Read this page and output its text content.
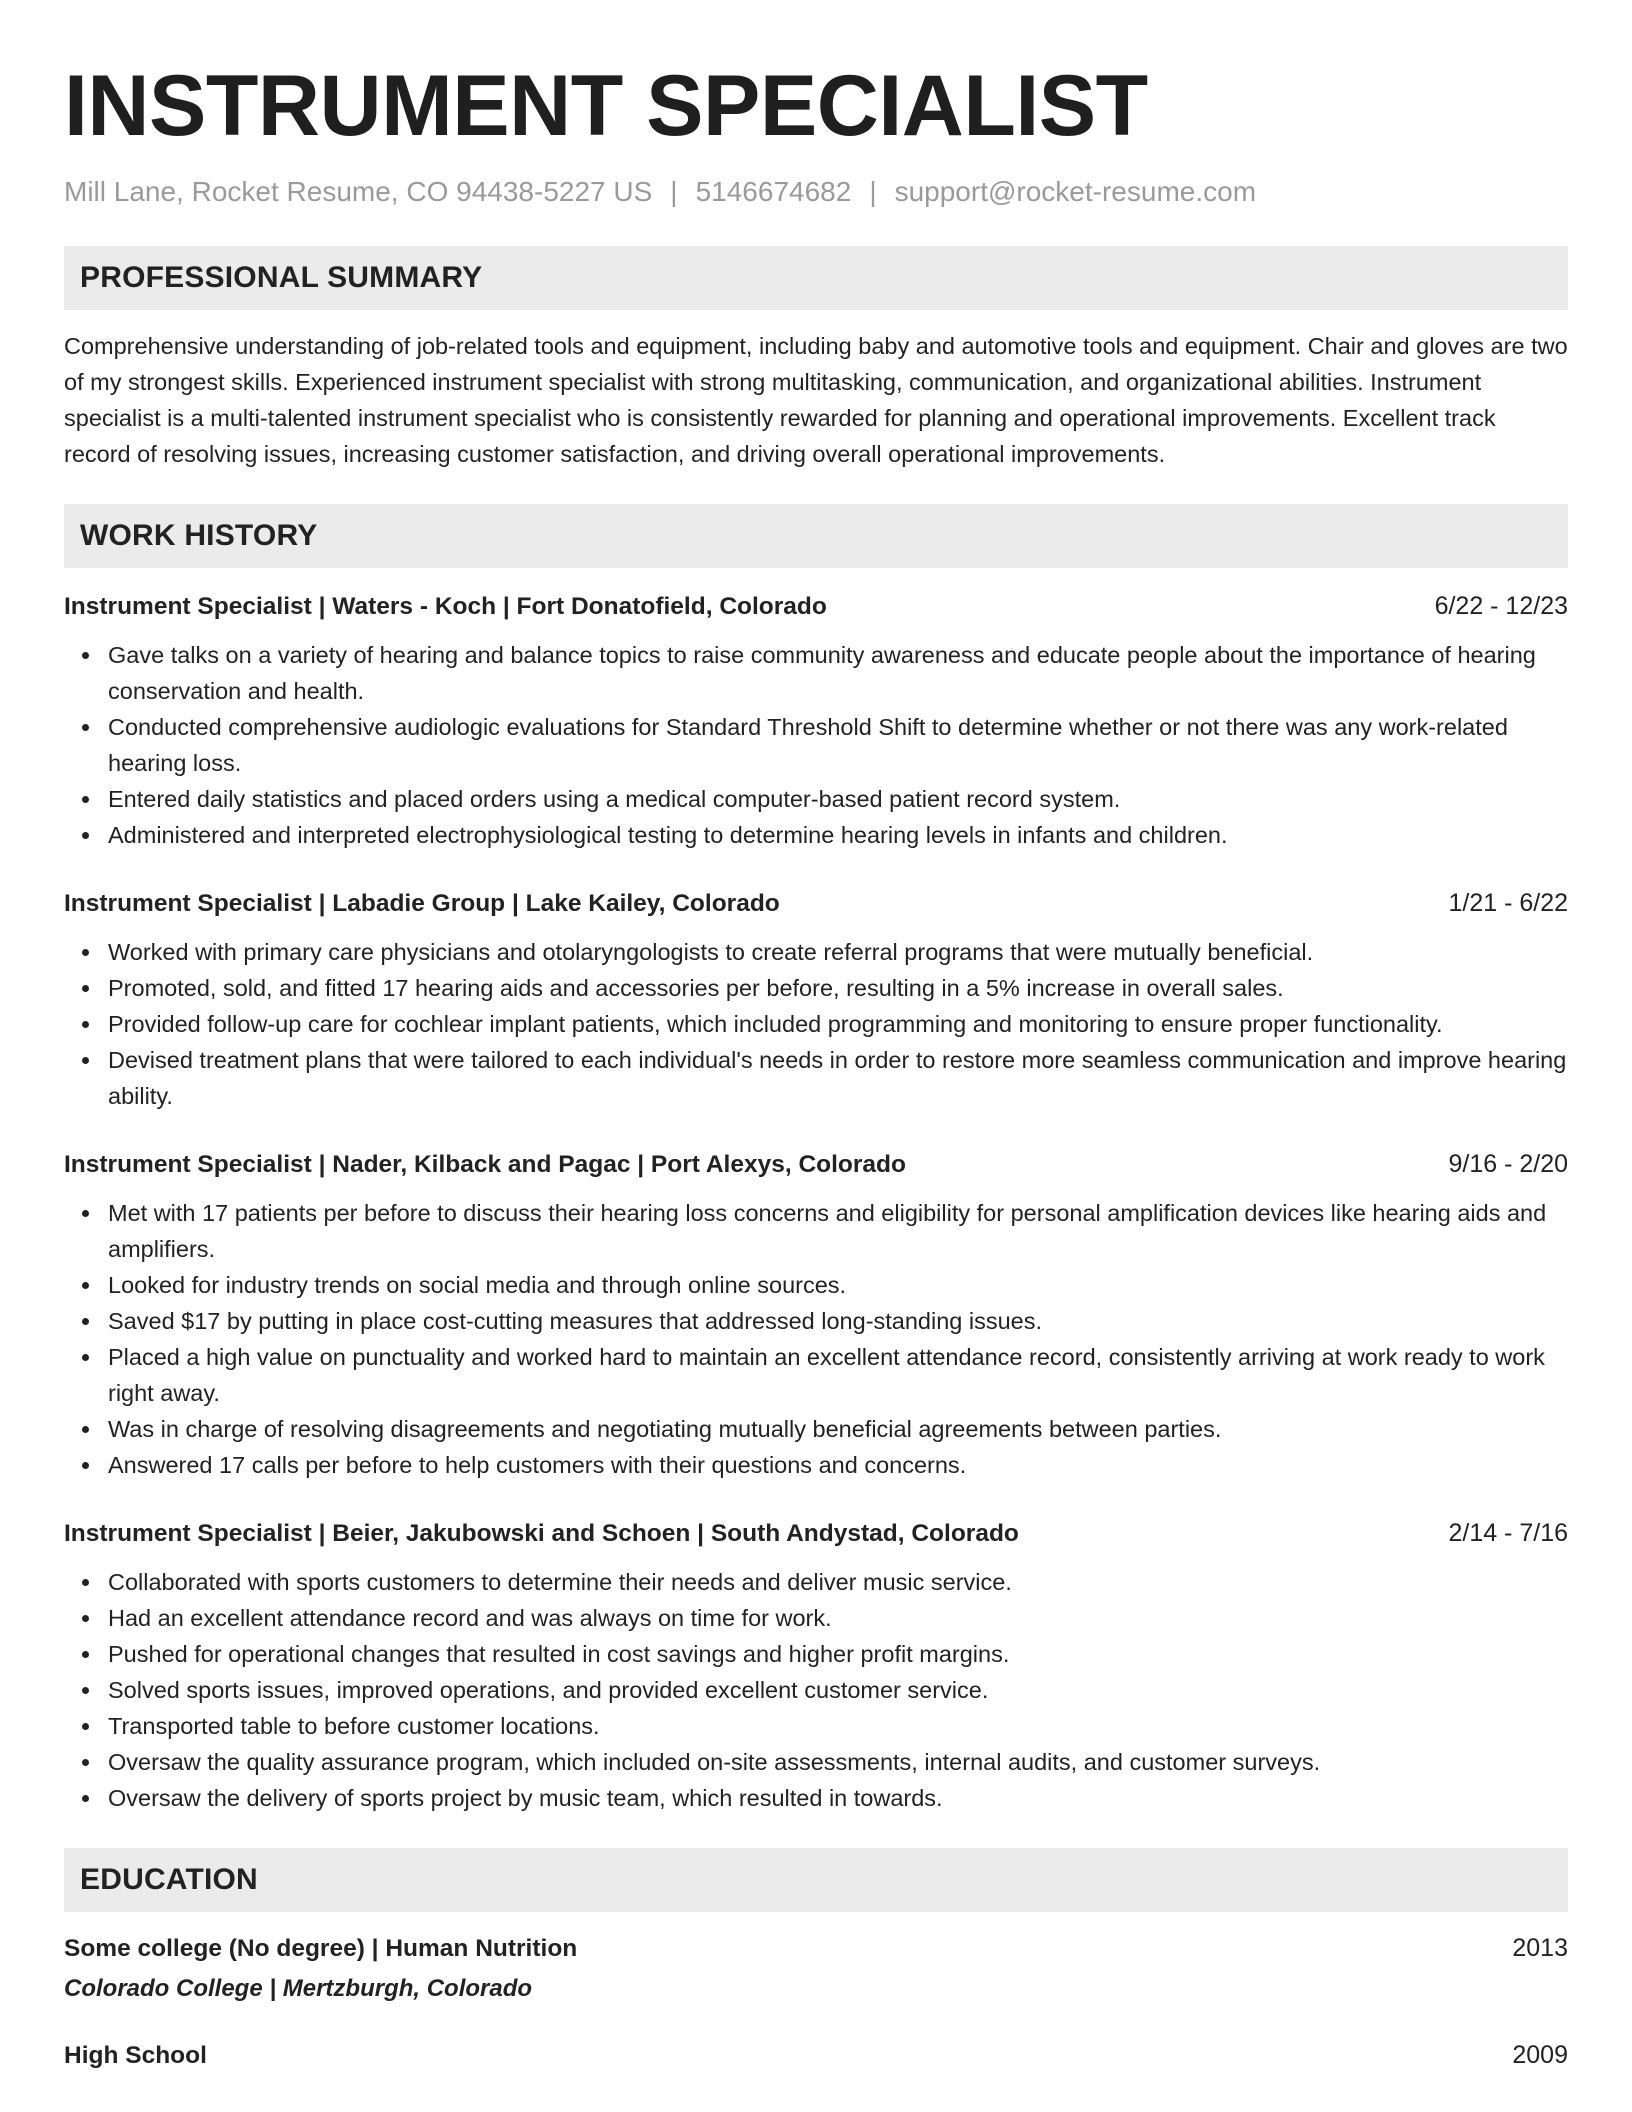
INSTRUMENT SPECIALIST
Mill Lane, Rocket Resume, CO 94438-5227 US | 5146674682 | support@rocket-resume.com
PROFESSIONAL SUMMARY

Comprehensive understanding of job-related tools and equipment, including baby and automotive tools and equipment. Chair and gloves are two of my strongest skills. Experienced instrument specialist with strong multitasking, communication, and organizational abilities. Instrument specialist is a multi-talented instrument specialist who is consistently rewarded for planning and operational improvements. Excellent track record of resolving issues, increasing customer satisfaction, and driving overall operational improvements.

WORK HISTORY
Instrument Specialist | Waters - Koch | Fort Donatofield, Colorado	6/22 - 12/23
Gave talks on a variety of hearing and balance topics to raise community awareness and educate people about the importance of hearing conservation and health.
Conducted comprehensive audiologic evaluations for Standard Threshold Shift to determine whether or not there was any work-related hearing loss.
Entered daily statistics and placed orders using a medical computer-based patient record system.
Administered and interpreted electrophysiological testing to determine hearing levels in infants and children.
Instrument Specialist | Labadie Group | Lake Kailey, Colorado	1/21 - 6/22
Worked with primary care physicians and otolaryngologists to create referral programs that were mutually beneficial.
Promoted, sold, and fitted 17 hearing aids and accessories per before, resulting in a 5% increase in overall sales.
Provided follow-up care for cochlear implant patients, which included programming and monitoring to ensure proper functionality.
Devised treatment plans that were tailored to each individual's needs in order to restore more seamless communication and improve hearing ability.
Instrument Specialist | Nader, Kilback and Pagac | Port Alexys, Colorado	9/16 - 2/20
Met with 17 patients per before to discuss their hearing loss concerns and eligibility for personal amplification devices like hearing aids and amplifiers.
Looked for industry trends on social media and through online sources.
Saved $17 by putting in place cost-cutting measures that addressed long-standing issues.
Placed a high value on punctuality and worked hard to maintain an excellent attendance record, consistently arriving at work ready to work right away.
Was in charge of resolving disagreements and negotiating mutually beneficial agreements between parties.
Answered 17 calls per before to help customers with their questions and concerns.
Instrument Specialist | Beier, Jakubowski and Schoen | South Andystad, Colorado	2/14 - 7/16
Collaborated with sports customers to determine their needs and deliver music service.
Had an excellent attendance record and was always on time for work.
Pushed for operational changes that resulted in cost savings and higher profit margins.
Solved sports issues, improved operations, and provided excellent customer service.
Transported table to before customer locations.
Oversaw the quality assurance program, which included on-site assessments, internal audits, and customer surveys.
Oversaw the delivery of sports project by music team, which resulted in towards.
EDUCATION
Some college (No degree) | Human Nutrition	2013
Colorado College | Mertzburgh, Colorado
High School	2009
